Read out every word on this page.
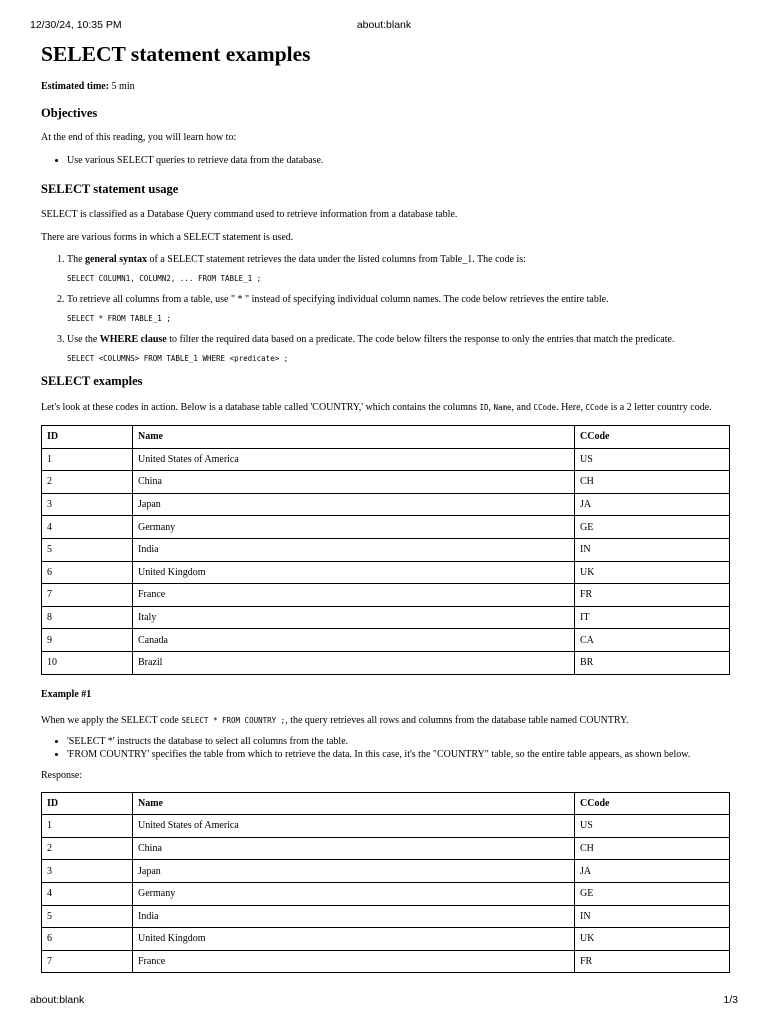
12/30/24, 10:35 PM	about:blank
SELECT statement examples

Estimated time: 5 min

Objectives

At the end of this reading, you will learn how to:

• Use various SELECT queries to retrieve data from the database.
SELECT statement usage

SELECT is classified as a Database Query command used to retrieve information from a database table.

There are various forms in which a SELECT statement is used.

1. The general syntax of a SELECT statement retrieves the data under the listed columns from Table_1. The code is:
SELECT COLUMN1, COLUMN2, ... FROM TABLE_1 ;
2. To retrieve all columns from a table, use " * " instead of specifying individual column names. The code below retrieves the entire table.
SELECT * FROM TABLE_1 ;
3. Use the WHERE clause to filter the required data based on a predicate. The code below filters the response to only the entries that match the predicate.
SELECT <COLUMNS> FROM TABLE_1 WHERE <predicate> ;
SELECT examples

Let's look at these codes in action. Below is a database table called 'COUNTRY,' which contains the columns ID, Name, and CCode. Here, CCode is a 2 letter country code.

ID	Name	CCode
1	United States of America	US
2	China	CH
3	Japan	JA
4	Germany	GE
5	India	IN
6	United Kingdom	UK
7	France	FR
8	Italy	IT
9	Canada	CA
10	Brazil	BR
Example #1

When we apply the SELECT code SELECT * FROM COUNTRY ;, the query retrieves all rows and columns from the database table named COUNTRY.

• 'SELECT *' instructs the database to select all columns from the table.
• 'FROM COUNTRY' specifies the table from which to retrieve the data. In this case, it's the "COUNTRY" table, so the entire table appears, as shown below.

Response:

ID	Name	CCode
1	United States of America	US
2	China	CH
3	Japan	JA
4	Germany	GE
5	India	IN
6	United Kingdom	UK
7	France	FR
about:blank	1/3
